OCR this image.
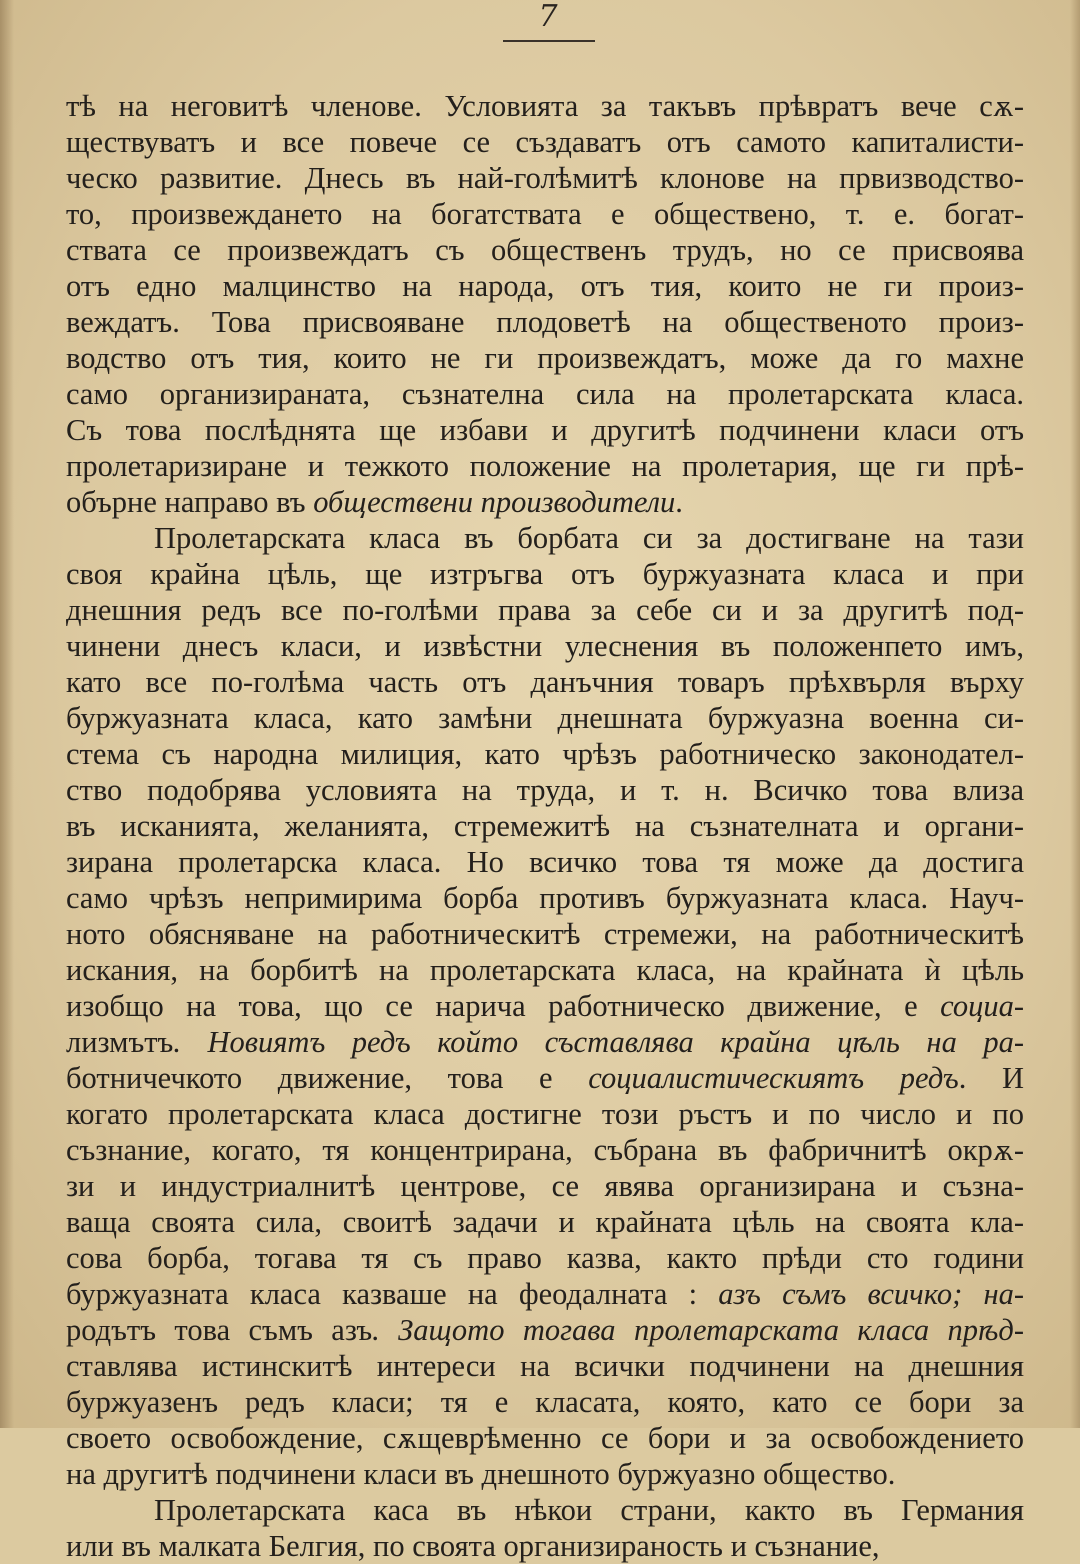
7
тѣ на неговитѣ членове. Условията за такъвъ прѣвратъ вече сѫ-
ществуватъ и все повече се създаватъ отъ самото капиталисти-
ческо развитие. Днесь въ най-голѣмитѣ клонове на првизводство-
то, произвеждането на богатствата е обществено, т. е. богат-
ствата се произвеждатъ съ общественъ трудъ, но се присвоява
отъ едно малцинство на народа, отъ тия, които не ги произ-
веждатъ. Това присвояване плодоветѣ на общественото произ-
водство отъ тия, които не ги произвеждатъ, може да го махне
само организираната, съзнателна сила на пролетарската класа.
Съ това послѣднята ще избави и другитѣ подчинени класи отъ
пролетаризиране и тежкото положение на пролетария, ще ги прѣ-
обърне направо въ обществени производители.
Пролетарската класа въ борбата си за достигване на тази
своя крайна цѣль, ще изтръгва отъ буржуазната класа и при
днешния редъ все по-голѣми права за себе си и за другитѣ под-
чинени днесъ класи, и извѣстни улеснения въ положенпето имъ,
като все по-голѣма часть отъ данъчния товаръ прѣхвърля върху
буржуазната класа, като замѣни днешната буржуазна военна си-
стема съ народна милиция, като чрѣзъ работническо законодател-
ство подобрява условията на труда, и т. н. Всичко това влиза
въ исканията, желанията, стремежитѣ на съзнателната и органи-
зирана пролетарска класа. Но всичко това тя може да достига
само чрѣзъ непримирима борба противъ буржуазната класа. Науч-
ното обясняване на работническитѣ стремежи, на работническитѣ
искания, на борбитѣ на пролетарската класа, на крайната ѝ цѣль
изобщо на това, що се нарича работническо движение, е социа-
лизмътъ. Новиятъ редъ който съставлява крайна цѣль на ра-
ботничечкото движение, това е социалистическиятъ редъ. И
когато пролетарската класа достигне този ръстъ и по число и по
съзнание, когато, тя концентрирана, събрана въ фабричнитѣ окрѫ-
зи и индустриалнитѣ центрове, се явява организирана и съзна-
ваща своята сила, своитѣ задачи и крайната цѣль на своята кла-
сова борба, тогава тя съ право казва, както прѣди сто години
буржуазната класа казваше на феодалната : азъ съмъ всичко; на-
родътъ това съмъ азъ. Защото тогава пролетарската класа прѣд-
ставлява истинскитѣ интереси на всички подчинени на днешния
буржуазенъ редъ класи; тя е класата, която, като се бори за
своето освобождение, сѫщеврѣменно се бори и за освобождението
на другитѣ подчинени класи въ днешното буржуазно общество.
Пролетарската каса въ нѣкои страни, както въ Германия
или въ малката Белгия, по своята организираность и съзнание,
